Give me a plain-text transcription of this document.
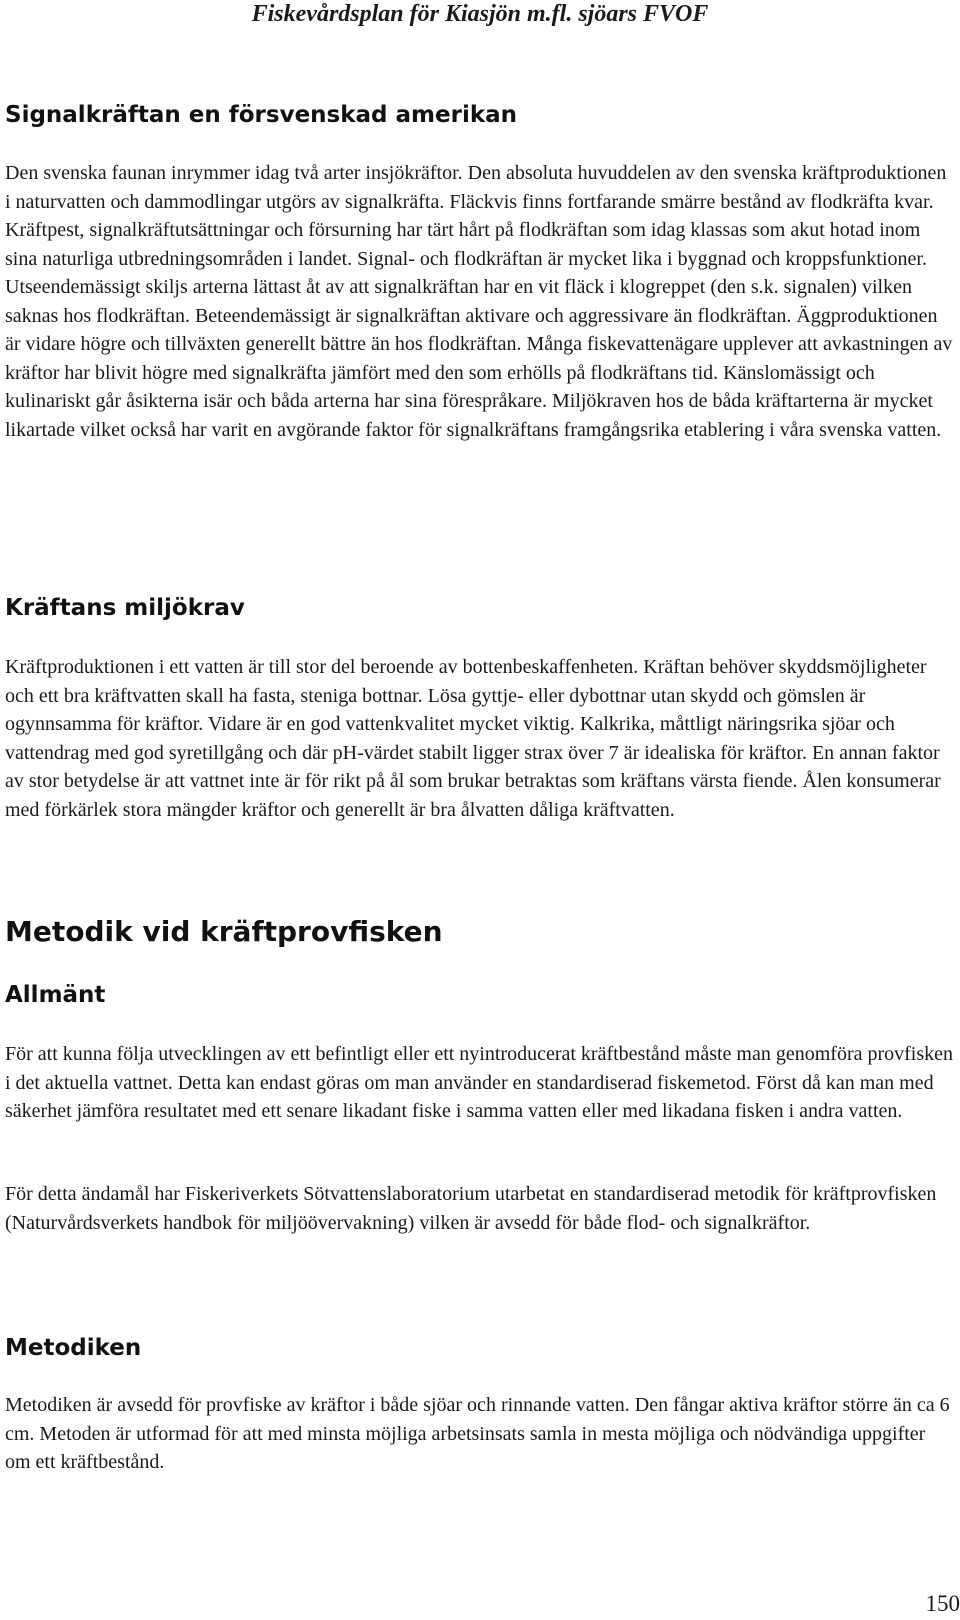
Fiskevårdsplan för Kiasjön m.fl. sjöars FVOF
Signalkräftan en försvenskad amerikan

Den svenska faunan inrymmer idag två arter insjökräftor. Den absoluta huvuddelen av den svenska kräftproduktionen i naturvatten och dammodlingar utgörs av signalkräfta. Fläckvis finns fortfarande smärre bestånd av flodkräfta kvar. Kräftpest, signalkräftutsättningar och försurning har tärt hårt på flodkräftan som idag klassas som akut hotad inom sina naturliga utbredningsområden i landet. Signal- och flodkräftan är mycket lika i byggnad och kroppsfunktioner. Utseendemässigt skiljs arterna lättast åt av att signalkräftan har en vit fläck i klogreppet (den s.k. signalen) vilken saknas hos flodkräftan. Beteendemässigt är signalkräftan aktivare och aggressivare än flodkräftan. Äggproduktionen är vidare högre och tillväxten generellt bättre än hos flodkräftan. Många fiskevattenägare upplever att avkastningen av kräftor har blivit högre med signalkräfta jämfört med den som erhölls på flodkräftans tid. Känslomässigt och kulinariskt går åsikterna isär och båda arterna har sina förespråkare. Miljökraven hos de båda kräftarterna är mycket likartade vilket också har varit en avgörande faktor för signalkräftans framgångsrika etablering i våra svenska vatten.

Kräftans miljökrav

Kräftproduktionen i ett vatten är till stor del beroende av bottenbeskaffenheten. Kräftan behöver skyddsmöjligheter och ett bra kräftvatten skall ha fasta, steniga bottnar. Lösa gyttje- eller dybottnar utan skydd och gömslen är ogynnsamma för kräftor. Vidare är en god vattenkvalitet mycket viktig. Kalkrika, måttligt näringsrika sjöar och vattendrag med god syretillgång och där pH-värdet stabilt ligger strax över 7 är idealiska för kräftor. En annan faktor av stor betydelse är att vattnet inte är för rikt på ål som brukar betraktas som kräftans värsta fiende. Ålen konsumerar med förkärlek stora mängder kräftor och generellt är bra ålvatten dåliga kräftvatten.

Metodik vid kräftprovfisken
Allmänt

För att kunna följa utvecklingen av ett befintligt eller ett nyintroducerat kräftbestånd måste man genomföra provfisken i det aktuella vattnet. Detta kan endast göras om man använder en standardiserad fiskemetod. Först då kan man med säkerhet jämföra resultatet med ett senare likadant fiske i samma vatten eller med likadana fisken i andra vatten.

För detta ändamål har Fiskeriverkets Sötvattenslaboratorium utarbetat en standardiserad metodik för kräftprovfisken (Naturvårdsverkets handbok för miljöövervakning) vilken är avsedd för både flod- och signalkräftor.

Metodiken

Metodiken är avsedd för provfiske av kräftor i både sjöar och rinnande vatten. Den fångar aktiva kräftor större än ca 6 cm. Metoden är utformad för att med minsta möjliga arbetsinsats samla in mesta möjliga och nödvändiga uppgifter om ett kräftbestånd.

150
